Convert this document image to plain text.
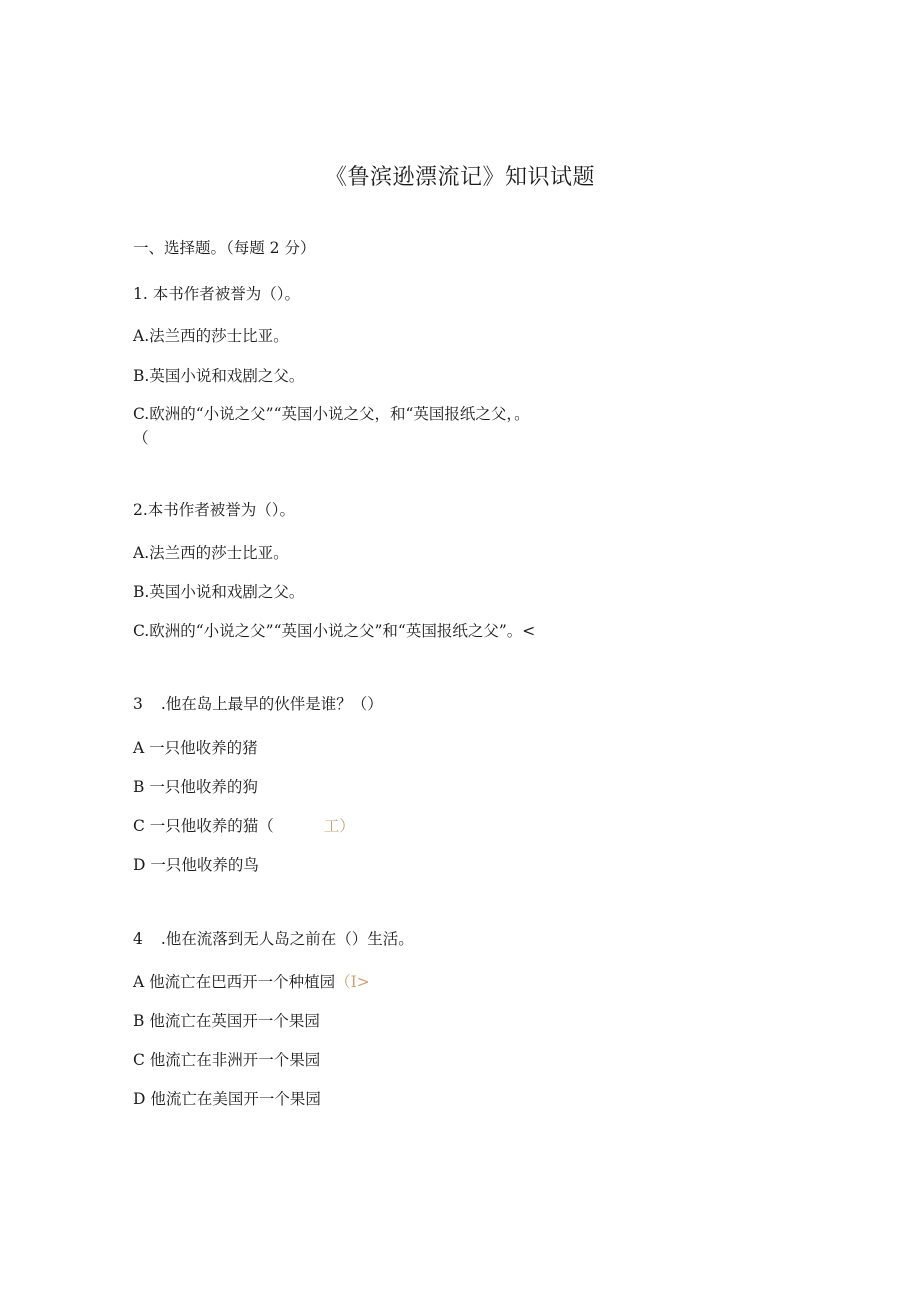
《鲁滨逊漂流记》知识试题
一、选择题。（每题 2 分）
1. 本书作者被誉为（）。
A.法兰西的莎士比亚。
B.英国小说和戏剧之父。
C.欧洲的“小说之父”“英国小说之父，和“英国报纸之父，。
（
2.本书作者被誉为（）。
A.法兰西的莎士比亚。
B.英国小说和戏剧之父。
C.欧洲的“小说之父”“英国小说之父”和“英国报纸之父”。<
3 .他在岛上最早的伙伴是谁？（）
A 一只他收养的猪
B 一只他收养的狗
C 一只他收养的猫（	工）
D 一只他收养的鸟
4 .他在流落到无人岛之前在（）生活。
A 他流亡在巴西开一个种植园（I>
B 他流亡在英国开一个果园
C 他流亡在非洲开一个果园
D 他流亡在美国开一个果园
